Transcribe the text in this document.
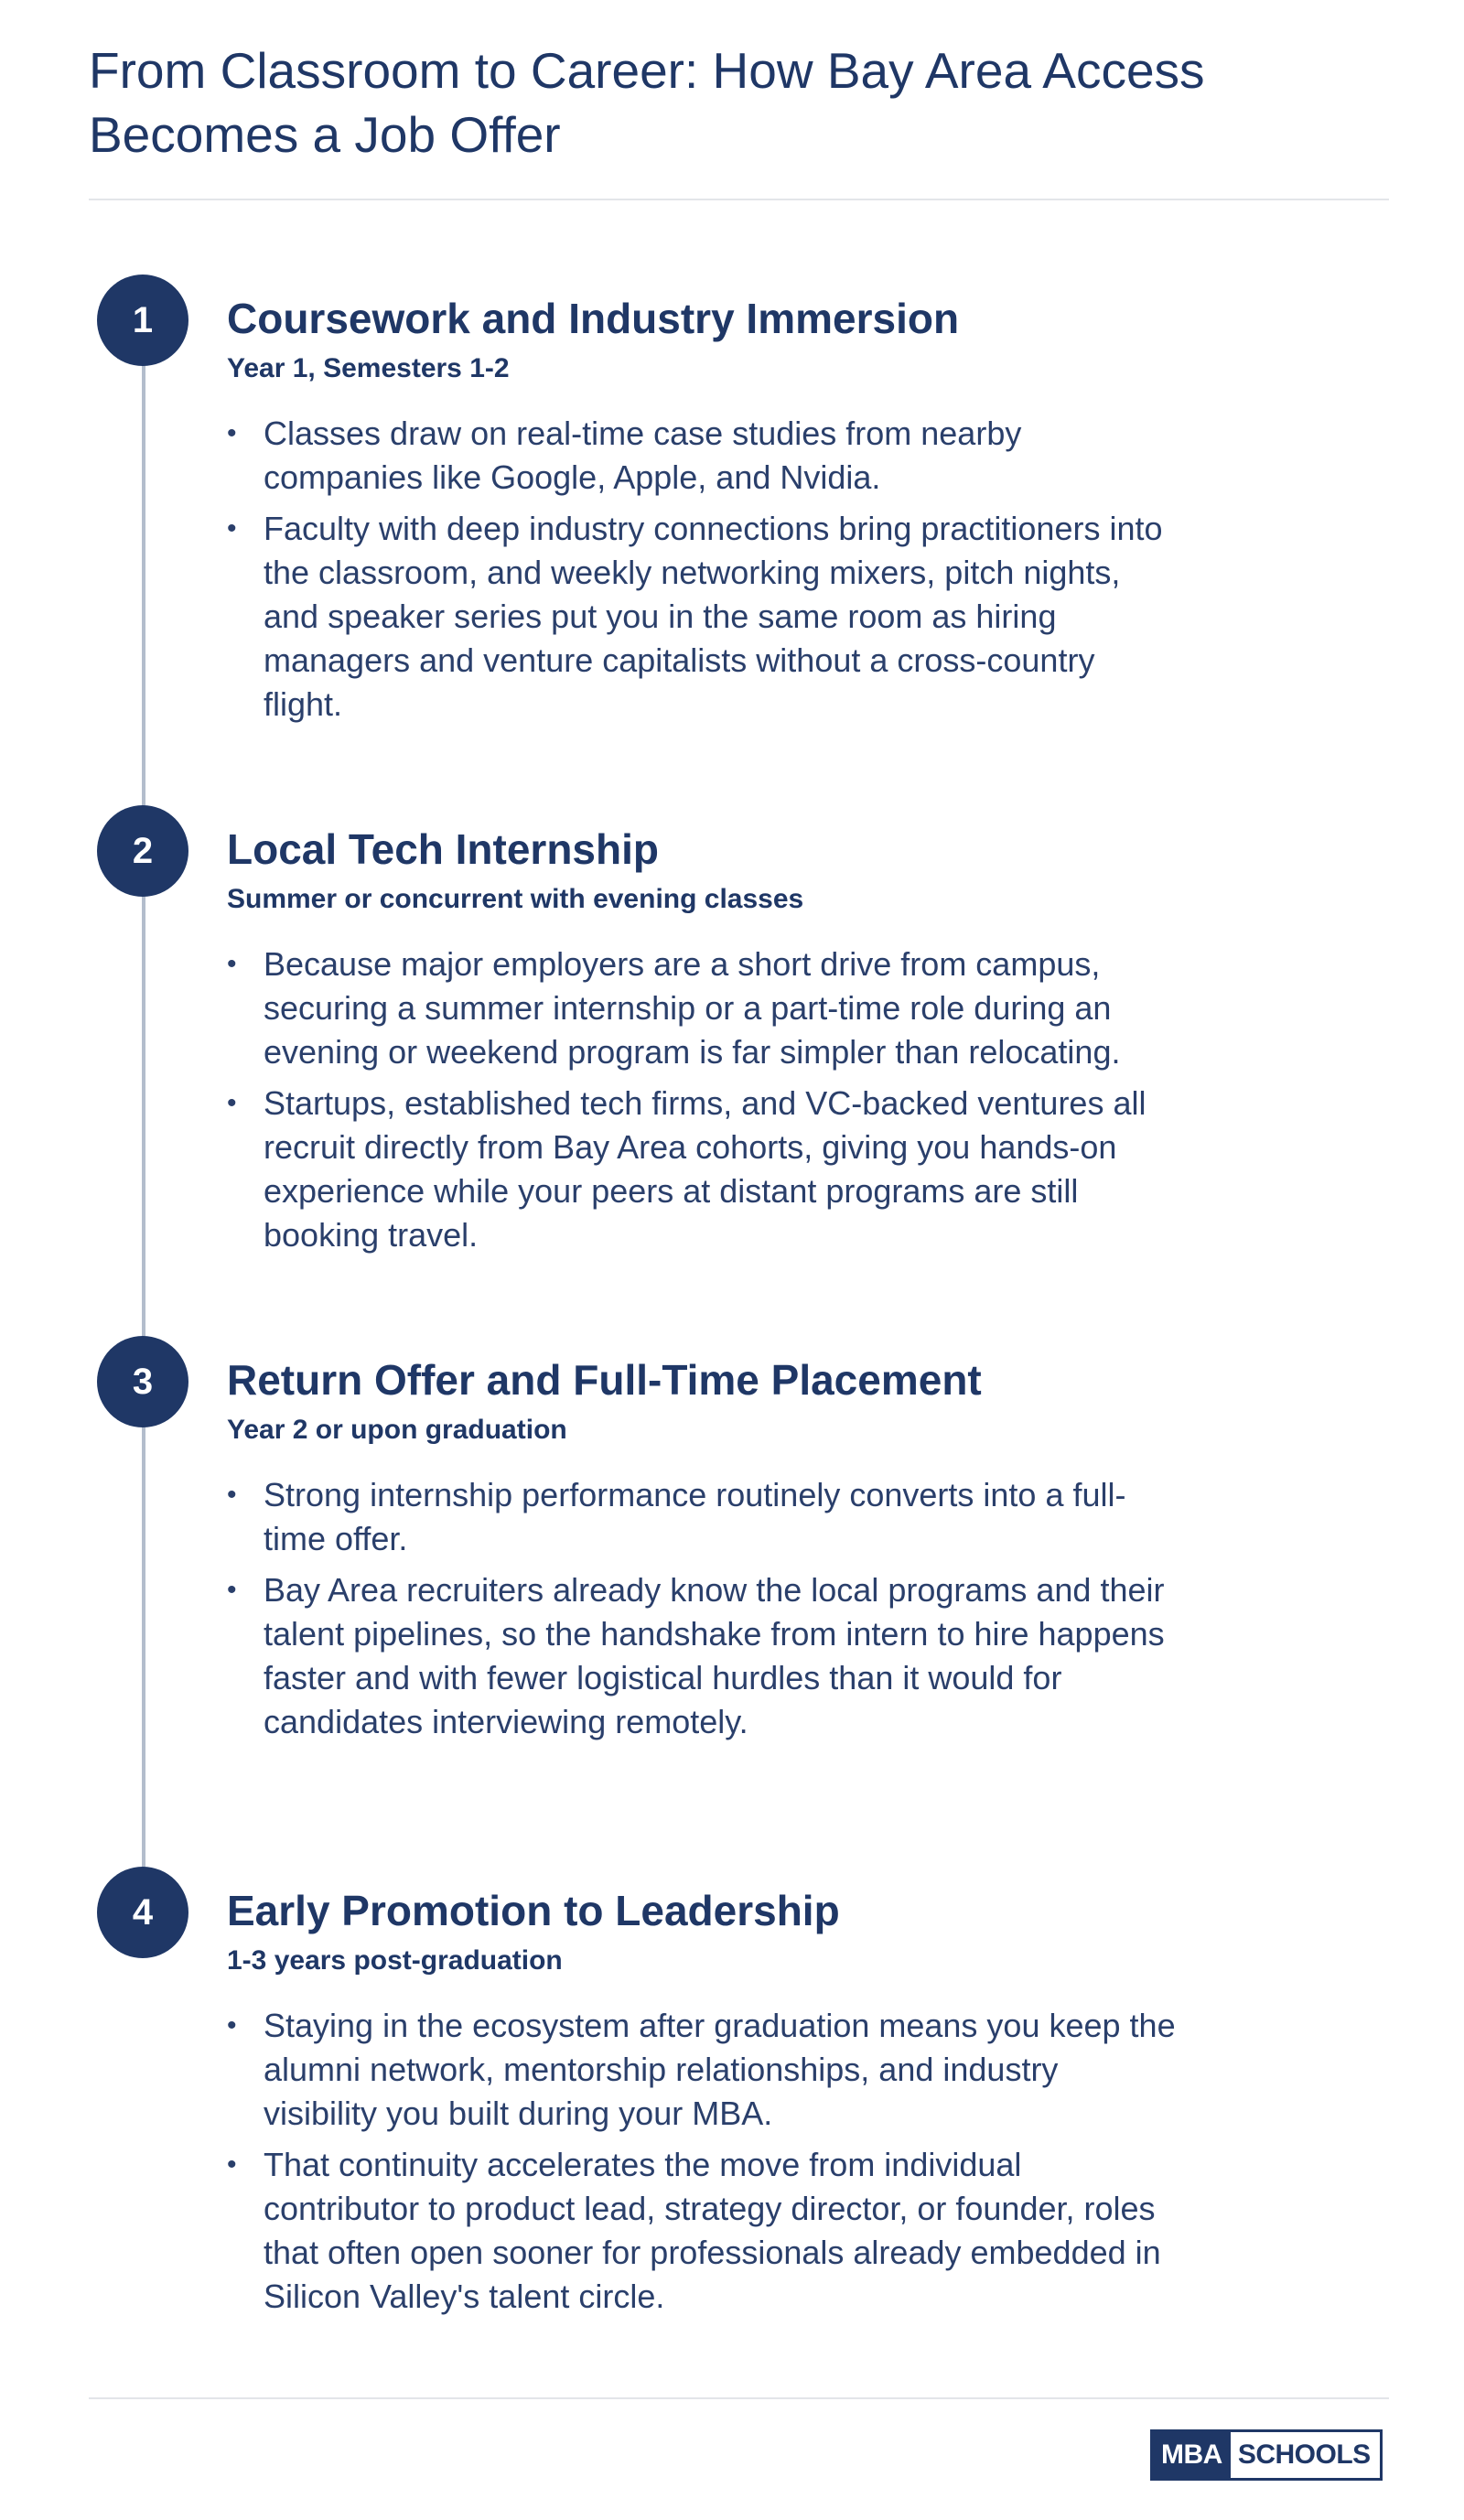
From Classroom to Career: How Bay Area Access Becomes a Job Offer
1	Coursework and Industry Immersion
Year 1, Semesters 1-2
• Classes draw on real-time case studies from nearby companies like Google, Apple, and Nvidia.
• Faculty with deep industry connections bring practitioners into the classroom, and weekly networking mixers, pitch nights, and speaker series put you in the same room as hiring managers and venture capitalists without a cross-country flight.
2	Local Tech Internship
Summer or concurrent with evening classes
• Because major employers are a short drive from campus, securing a summer internship or a part-time role during an evening or weekend program is far simpler than relocating.
• Startups, established tech firms, and VC-backed ventures all recruit directly from Bay Area cohorts, giving you hands-on experience while your peers at distant programs are still booking travel.
3	Return Offer and Full-Time Placement
Year 2 or upon graduation
• Strong internship performance routinely converts into a full-time offer.
• Bay Area recruiters already know the local programs and their talent pipelines, so the handshake from intern to hire happens faster and with fewer logistical hurdles than it would for candidates interviewing remotely.
4	Early Promotion to Leadership
1-3 years post-graduation
• Staying in the ecosystem after graduation means you keep the alumni network, mentorship relationships, and industry visibility you built during your MBA.
• That continuity accelerates the move from individual contributor to product lead, strategy director, or founder, roles that often open sooner for professionals already embedded in Silicon Valley's talent circle.
MBA SCHOOLS
